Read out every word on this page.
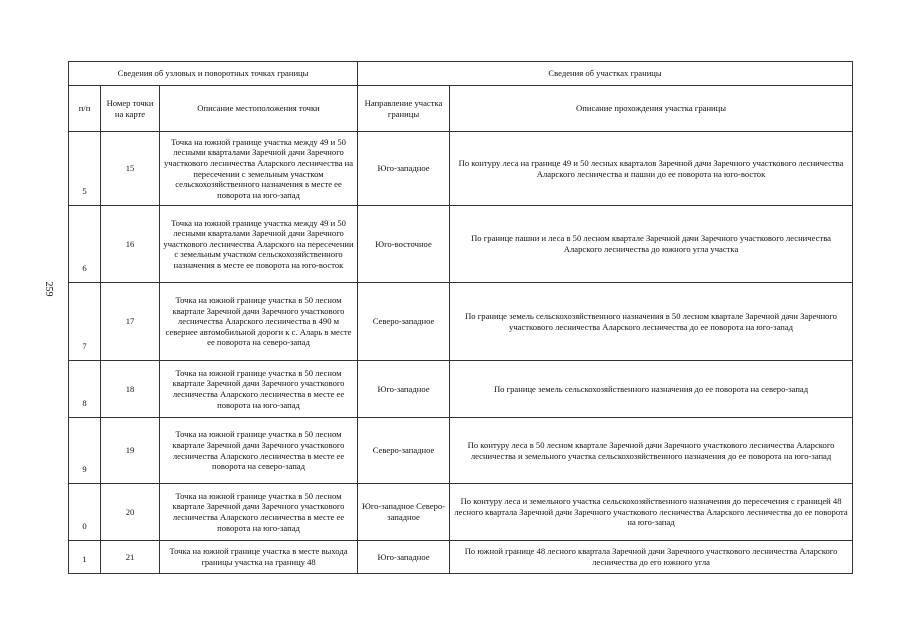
259
Сведения об узловых и поворотных точках границы			Сведения об участках границы	
п/п	Номер точки на карте	Описание местоположения точки	Направление участка границы	Описание прохождения участка границы
5	15	Точка на южной границе участка между 49 и 50 лесными кварталами Заречной дачи Заречного участкового лесничества Аларского лесничества на пересечении с земельным участком сельскохозяйственного назначения в месте ее поворота на юго-запад	Юго-западное	По контуру леса на границе 49 и 50 лесных кварталов Заречной дачи Заречного участкового лесничества Аларского лесничества и пашни до ее поворота на юго-восток
6	16	Точка на южной границе участка между 49 и 50 лесными кварталами Заречной дачи Заречного участкового лесничества Аларского на пересечении с земельным участком сельскохозяйственного назначения в месте ее поворота на юго-восток	Юго-восточное	По границе пашни и леса в 50 лесном квартале Заречной дачи Заречного участкового лесничества Аларского лесничества до южного угла участка
7	17	Точка на южной границе участка в 50 лесном квартале Заречной дачи Заречного участкового лесничества Аларского лесничества в 490 м севернее автомобильной дороги к с. Аларь в месте ее поворота на северо-запад	Северо-западное	По границе земель сельскохозяйственного назначения в 50 лесном квартале Заречной дачи Заречного участкового лесничества Аларского лесничества до ее поворота на юго-запад
8	18	Точка на южной границе участка в 50 лесном квартале Заречной дачи Заречного участкового лесничества Аларского лесничества в месте ее поворота на юго-запад	Юго-западное	По границе земель сельскохозяйственного назначения до ее поворота на северо-запад
9	19	Точка на южной границе участка в 50 лесном квартале Заречной дачи Заречного участкового лесничества Аларского лесничества в месте ее поворота на северо-запад	Северо-западное	По контуру леса в 50 лесном квартале Заречной дачи Заречного участкового лесничества Аларского лесничества и земельного участка сельскохозяйственного назначения до ее поворота на юго-запад
0	20	Точка на южной границе участка в 50 лесном квартале Заречной дачи Заречного участкового лесничества Аларского лесничества в месте ее поворота на юго-запад	Юго-западное Северо-западное	По контуру леса и земельного участка сельскохозяйственного назначения до пересечения с границей 48 лесного квартала Заречной дачи Заречного участкового лесничества Аларского лесничества до ее поворота на юго-запад
1	21	Точка на южной границе участка в месте выхода границы участка на границу 48	Юго-западное	По южной границе 48 лесного квартала Заречной дачи Заречного участкового лесничества Аларского лесничества до его южного угла
